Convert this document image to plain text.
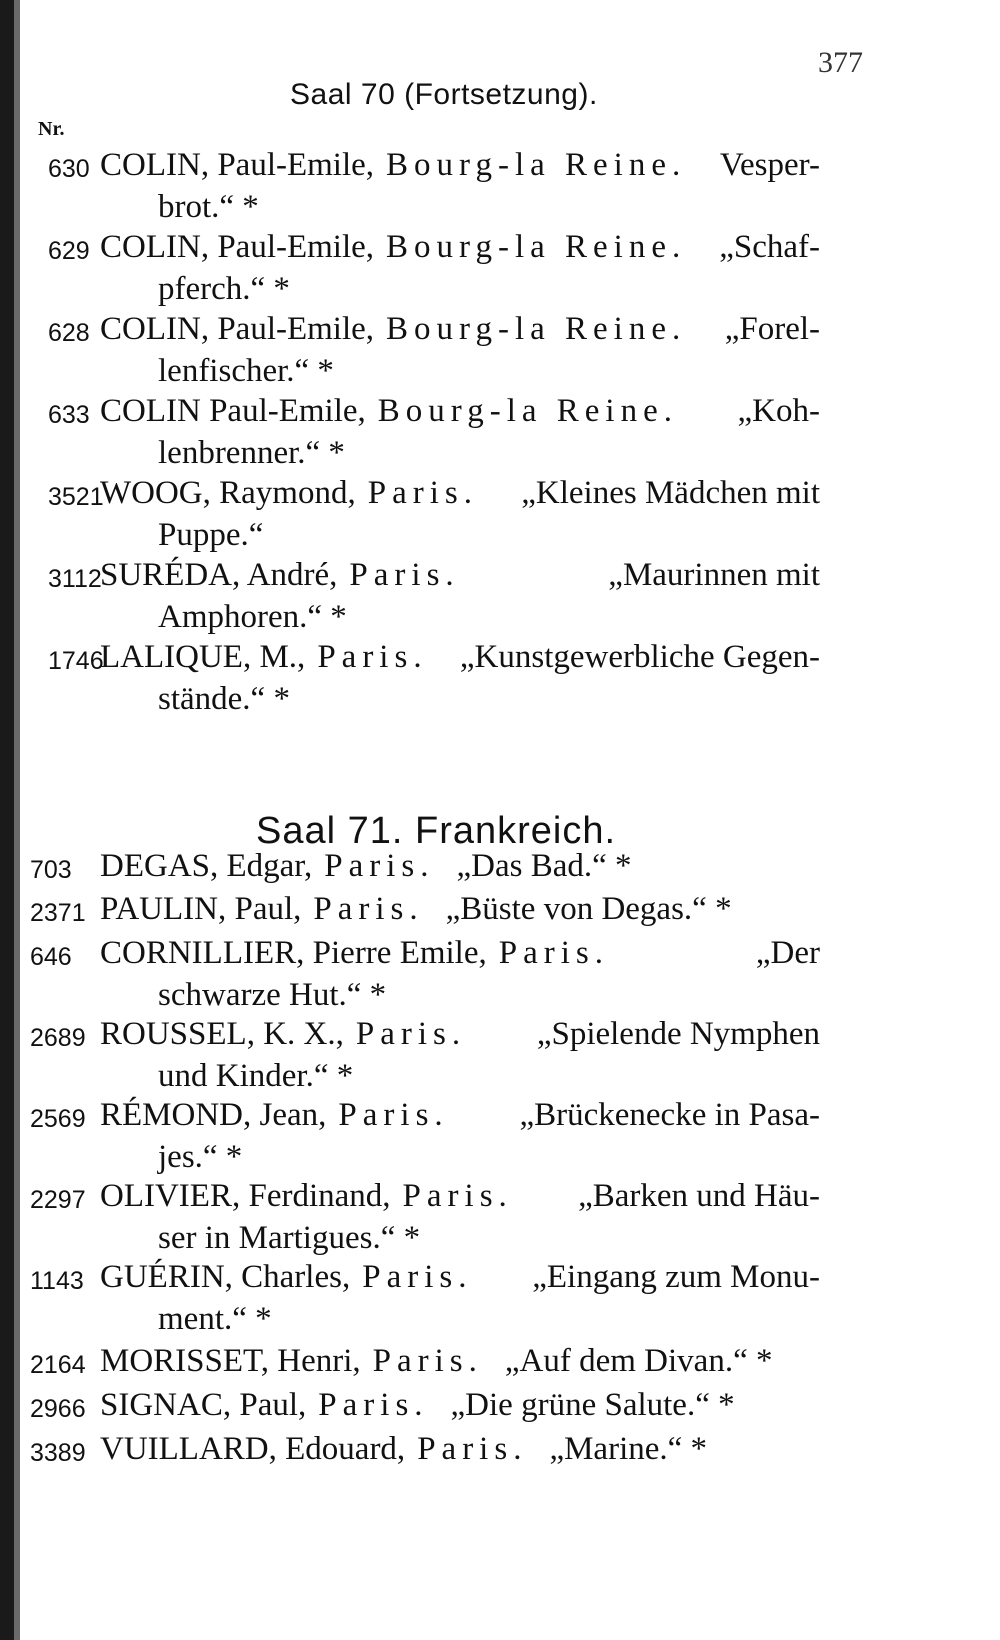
377
Saal 70 (Fortsetzung).
Nr.
630 COLIN, Paul-Emile, Bourg-la Reine. Vesper-
brot.“ *
629 COLIN, Paul-Emile, Bourg-la Reine. „Schaf-
pferch.“ *
628 COLIN, Paul-Emile, Bourg-la Reine. „Forel-
lenfischer.“ *
633 COLIN Paul-Emile, Bourg-la Reine. „Koh-
lenbrenner.“ *
3521
WOOG, Raymond, Paris. „Kleines Mädchen mit
Puppe.“
3112
SURÉDA, André, Paris.	„Maurinnen mit
Amphoren.“ *
1746
LALIQUE, M., Paris. „Kunstgewerbliche Gegen-
stände.“ *
Saal 71. Frankreich.
703 DEGAS, Edgar, Paris. „Das Bad.“ *
2371 PAULIN, Paul, Paris. „Büste von Degas.“ *
646 CORNILLIER, Pierre Emile, Paris.	„Der
schwarze Hut.“ *
2689 ROUSSEL, K. X., Paris. „Spielende Nymphen
und Kinder.“ *
2569 RÉMOND, Jean, Paris. „Brückenecke in Pasa-
jes.“ *
2297 OLIVIER, Ferdinand, Paris. „Barken und Häu-
ser in Martigues.“ *
1143 GUÉRIN, Charles, Paris. „Eingang zum Monu-
ment.“ *
2164 MORISSET, Henri, Paris. „Auf dem Divan.“ *
2966 SIGNAC, Paul, Paris. „Die grüne Salute.“ *
3389 VUILLARD, Edouard, Paris. „Marine.“ *
